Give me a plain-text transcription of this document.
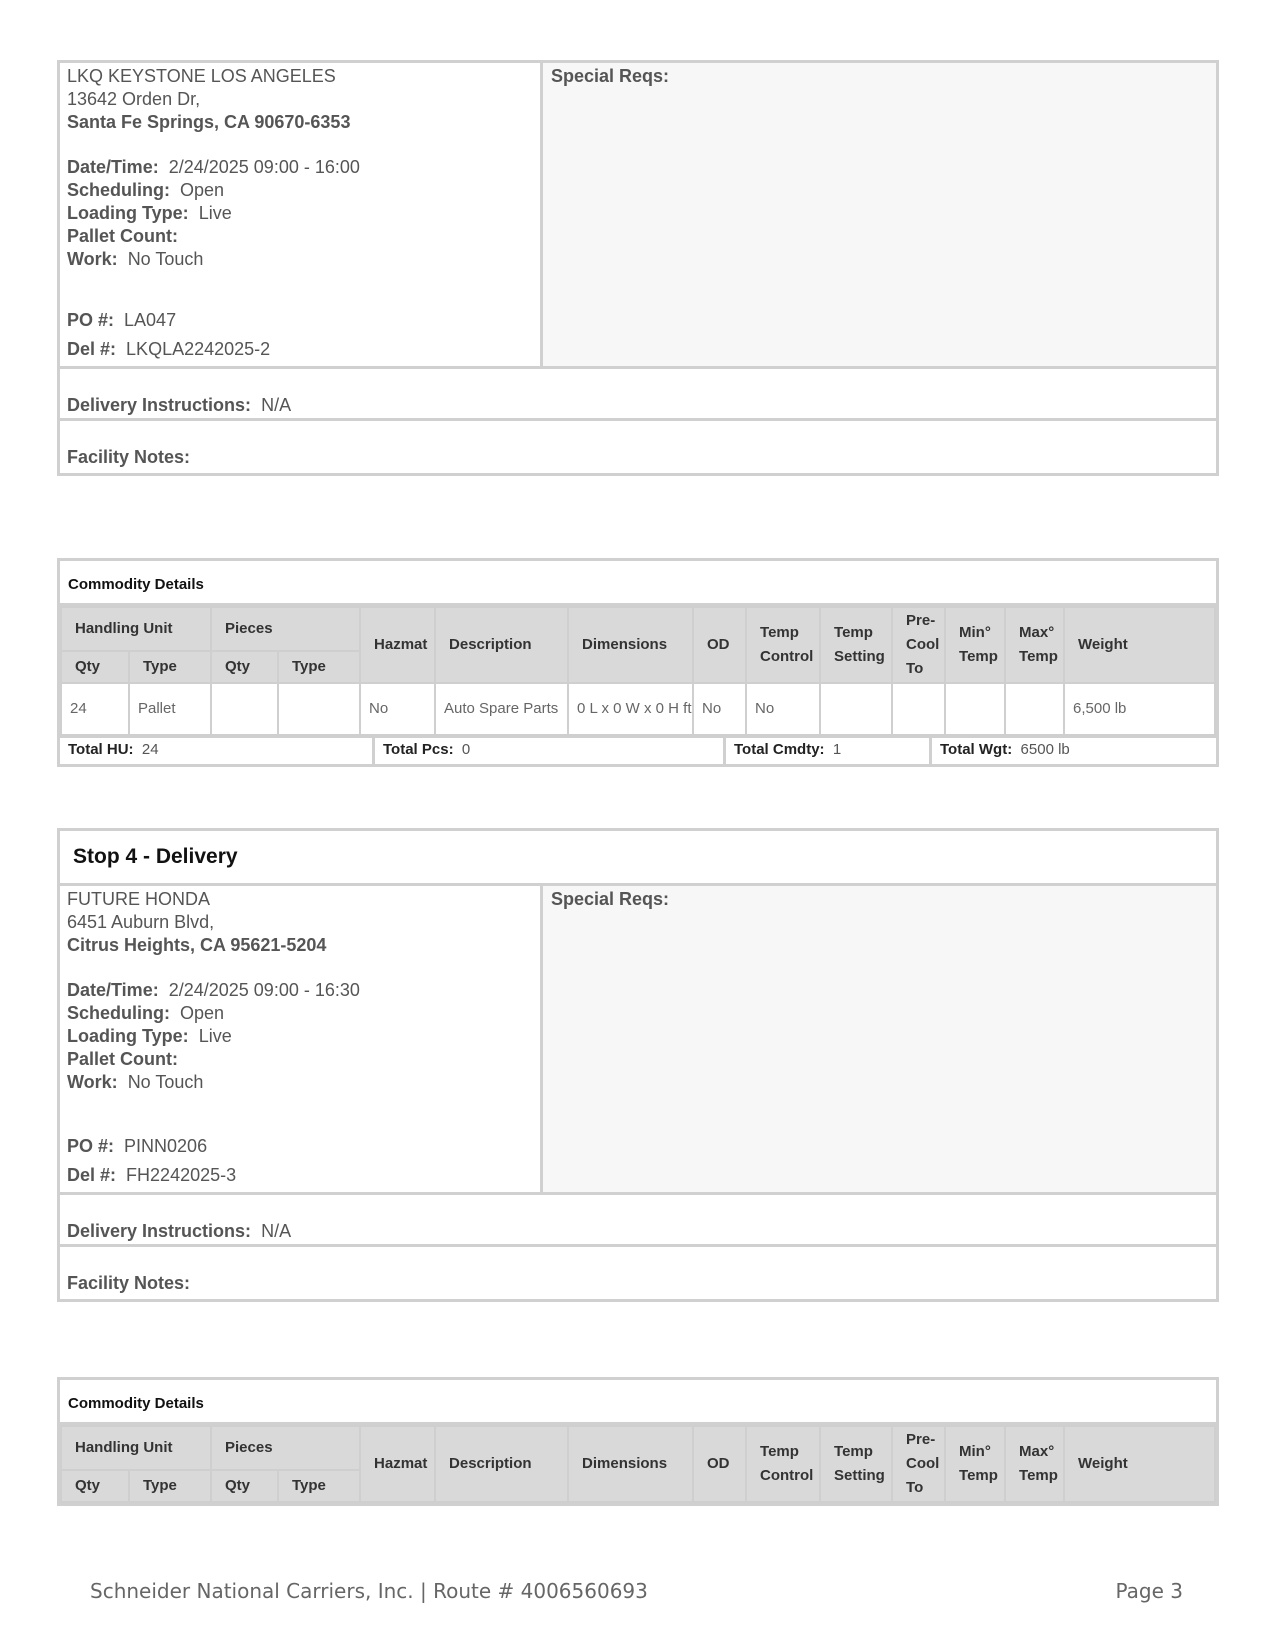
LKQ KEYSTONE LOS ANGELES
13642 Orden Dr,
Santa Fe Springs, CA 90670-6353
Date/Time: 2/24/2025 09:00 - 16:00
Scheduling: Open
Loading Type: Live
Pallet Count:
Work: No Touch
PO #: LA047
Del #: LKQLA2242025-2
Special Reqs:
Delivery Instructions: N/A
Facility Notes:
Commodity Details
Handling Unit		Pieces		Hazmat	Description	Dimensions	OD	Temp Control	Temp Setting	Pre-Cool To	Min° Temp	Max° Temp	Weight
Qty	Type	Qty	Type										
24	Pallet			No	Auto Spare Parts	0 L x 0 W x 0 H ft	No	No					6,500 lb
Total HU: 24	Total Pcs: 0	Total Cmdty: 1	Total Wgt: 6500 lb
Stop 4 - Delivery
FUTURE HONDA
6451 Auburn Blvd,
Citrus Heights, CA 95621-5204
Date/Time: 2/24/2025 09:00 - 16:30
Scheduling: Open
Loading Type: Live
Pallet Count:
Work: No Touch
PO #: PINN0206
Del #: FH2242025-3
Special Reqs:
Delivery Instructions: N/A
Facility Notes:
Commodity Details
Handling Unit		Pieces		Hazmat	Description	Dimensions	OD	Temp Control	Temp Setting	Pre-Cool To	Min° Temp	Max° Temp	Weight
Qty	Type	Qty	Type										
Schneider National Carriers, Inc. | Route # 4006560693	Page 3
